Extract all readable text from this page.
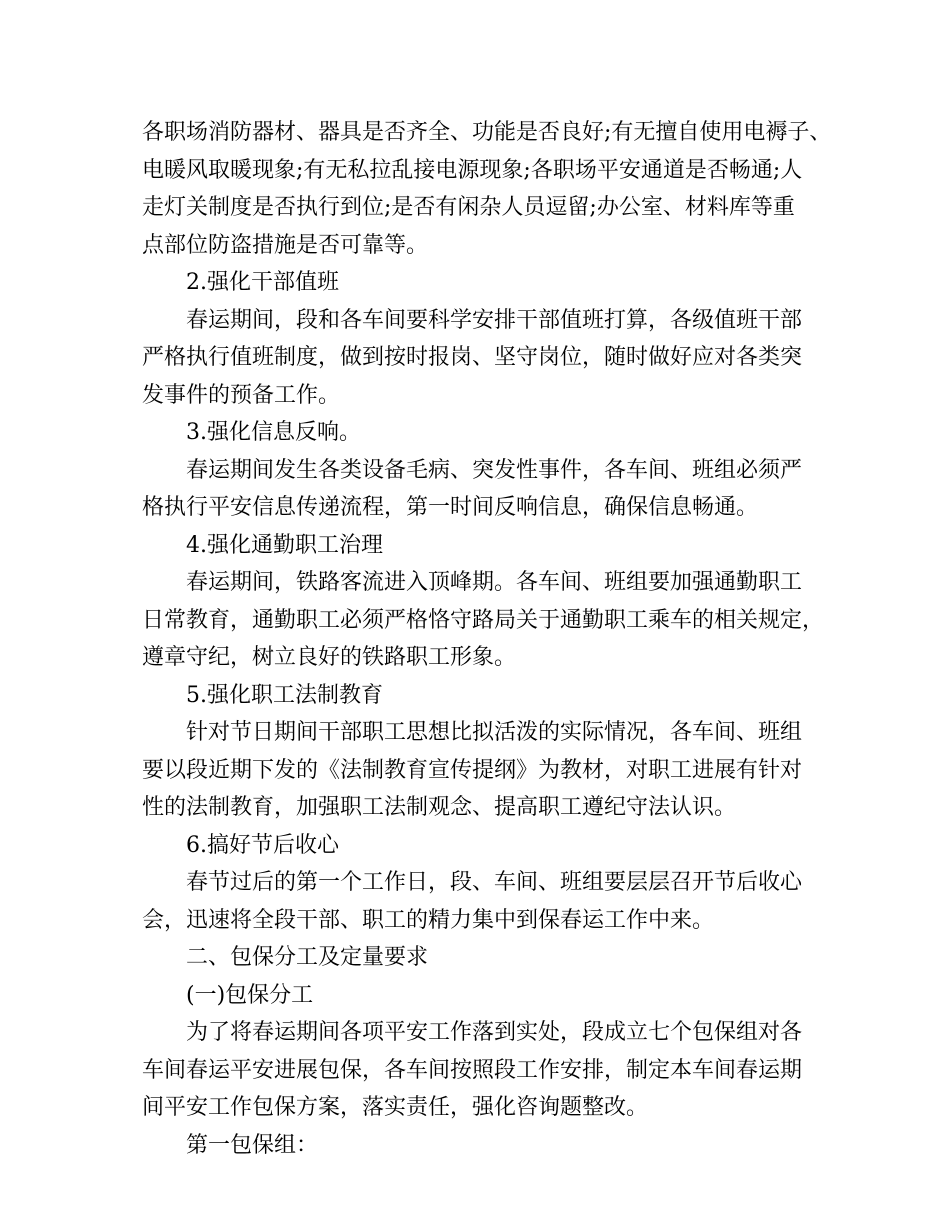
各职场消防器材、器具是否齐全、功能是否良好;有无擅自使用电褥子、
电暖风取暖现象;有无私拉乱接电源现象;各职场平安通道是否畅通;人
走灯关制度是否执行到位;是否有闲杂人员逗留;办公室、材料库等重
点部位防盗措施是否可靠等。
2.强化干部值班
春运期间，段和各车间要科学安排干部值班打算，各级值班干部
严格执行值班制度，做到按时报岗、坚守岗位，随时做好应对各类突
发事件的预备工作。
3.强化信息反响。
春运期间发生各类设备毛病、突发性事件，各车间、班组必须严
格执行平安信息传递流程，第一时间反响信息，确保信息畅通。
4.强化通勤职工治理
春运期间，铁路客流进入顶峰期。各车间、班组要加强通勤职工
日常教育，通勤职工必须严格恪守路局关于通勤职工乘车的相关规定，
遵章守纪，树立良好的铁路职工形象。
5.强化职工法制教育
针对节日期间干部职工思想比拟活泼的实际情况，各车间、班组
要以段近期下发的《法制教育宣传提纲》为教材，对职工进展有针对
性的法制教育，加强职工法制观念、提高职工遵纪守法认识。
6.搞好节后收心
春节过后的第一个工作日，段、车间、班组要层层召开节后收心
会，迅速将全段干部、职工的精力集中到保春运工作中来。
二、包保分工及定量要求
(一)包保分工
为了将春运期间各项平安工作落到实处，段成立七个包保组对各
车间春运平安进展包保，各车间按照段工作安排，制定本车间春运期
间平安工作包保方案，落实责任，强化咨询题整改。
第一包保组：
